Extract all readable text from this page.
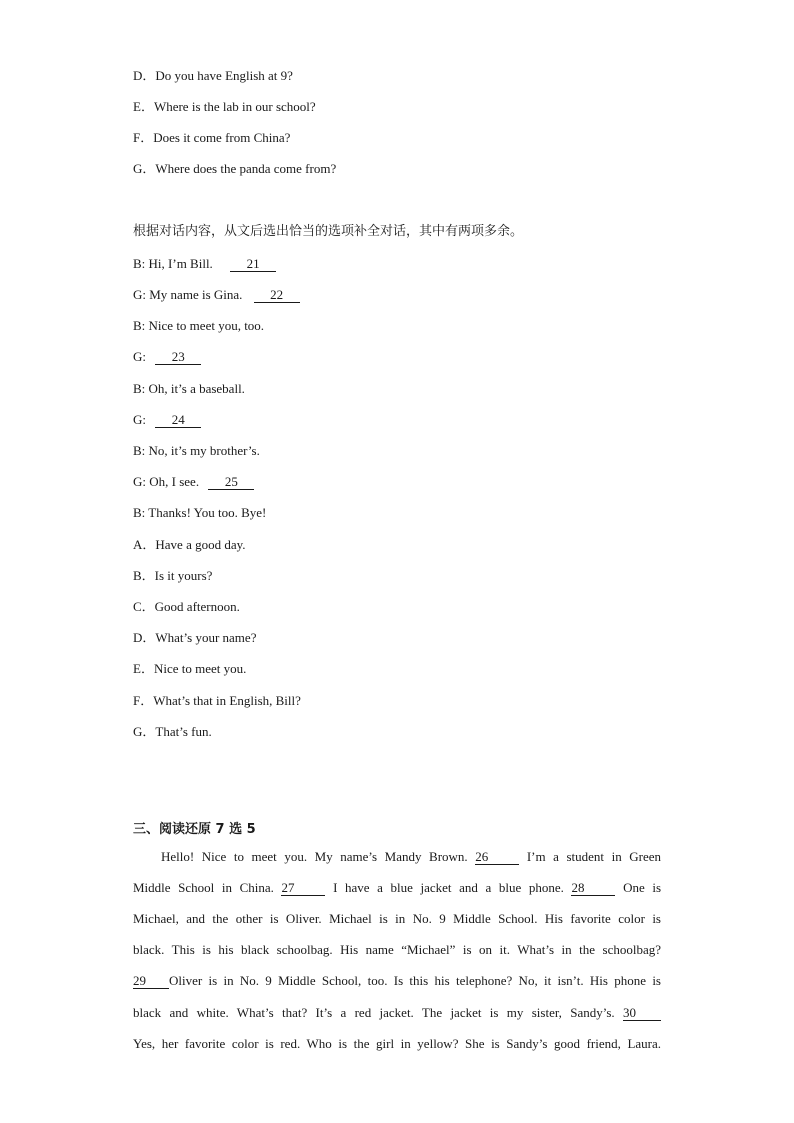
D．Do you have English at 9?
E．Where is the lab in our school?
F．Does it come from China?
G．Where does the panda come from?
根据对话内容，从文后选出恰当的选项补全对话，其中有两项多余。
B: Hi, I’m Bill.	21
G: My name is Gina. 22
B: Nice to meet you, too.
G: 23
B: Oh, it’s a baseball.
G: 24
B: No, it’s my brother’s.
G: Oh, I see. 25
B: Thanks! You too. Bye!
A．Have a good day.
B．Is it yours?
C．Good afternoon.
D．What’s your name?
E．Nice to meet you.
F．What’s that in English, Bill?
G．That’s fun.
三、阅读还原 7 选 5
Hello! Nice to meet you. My name’s Mandy Brown. 26	I’m a student in Green
Middle School in China. 27	I have a blue jacket and a blue phone. 28	One is
Michael, and the other is Oliver. Michael is in No. 9 Middle School. His favorite color is
black. This is his black schoolbag. His name “Michael” is on it. What’s in the schoolbag?
29 Oliver is in No. 9 Middle School, too. Is this his telephone? No, it isn’t. His phone is
black and white. What’s that? It’s a red jacket. The jacket is my sister, Sandy’s. 30
Yes, her favorite color is red. Who is the girl in yellow? She is Sandy’s good friend, Laura.
